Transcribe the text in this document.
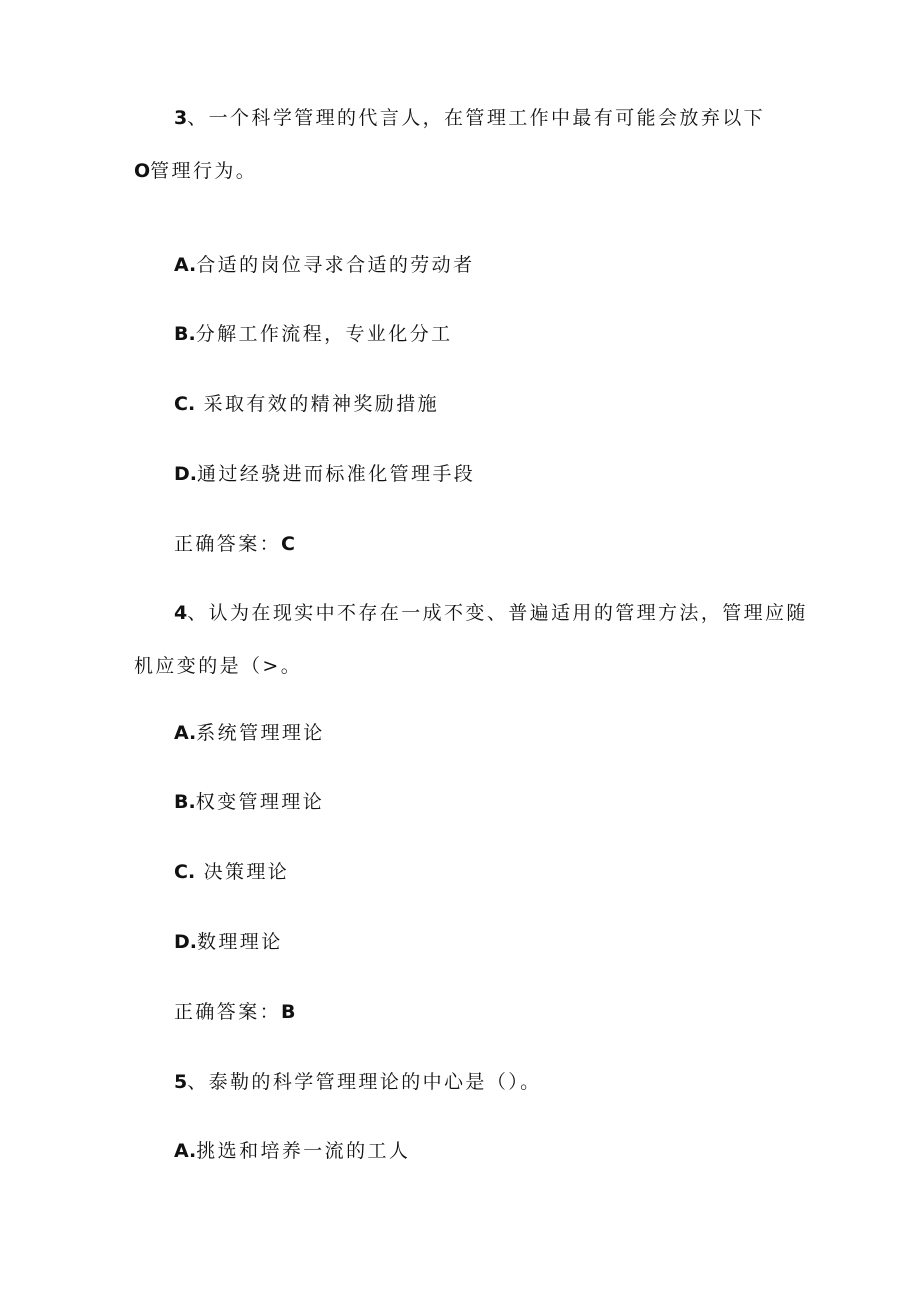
3、一个科学管理的代言人，在管理工作中最有可能会放弃以下
O管理行为。
A.合适的岗位寻求合适的劳动者
B.分解工作流程，专业化分工
C. 采取有效的精神奖励措施
D.通过经骁进而标准化管理手段
正确答案：C
4、认为在现实中不存在一成不变、普遍适用的管理方法，管理应随
机应变的是（>。
A.系统管理理论
B.权变管理理论
C. 决策理论
D.数理理论
正确答案：B
5、泰勒的科学管理理论的中心是（）。
A.挑选和培养一流的工人
